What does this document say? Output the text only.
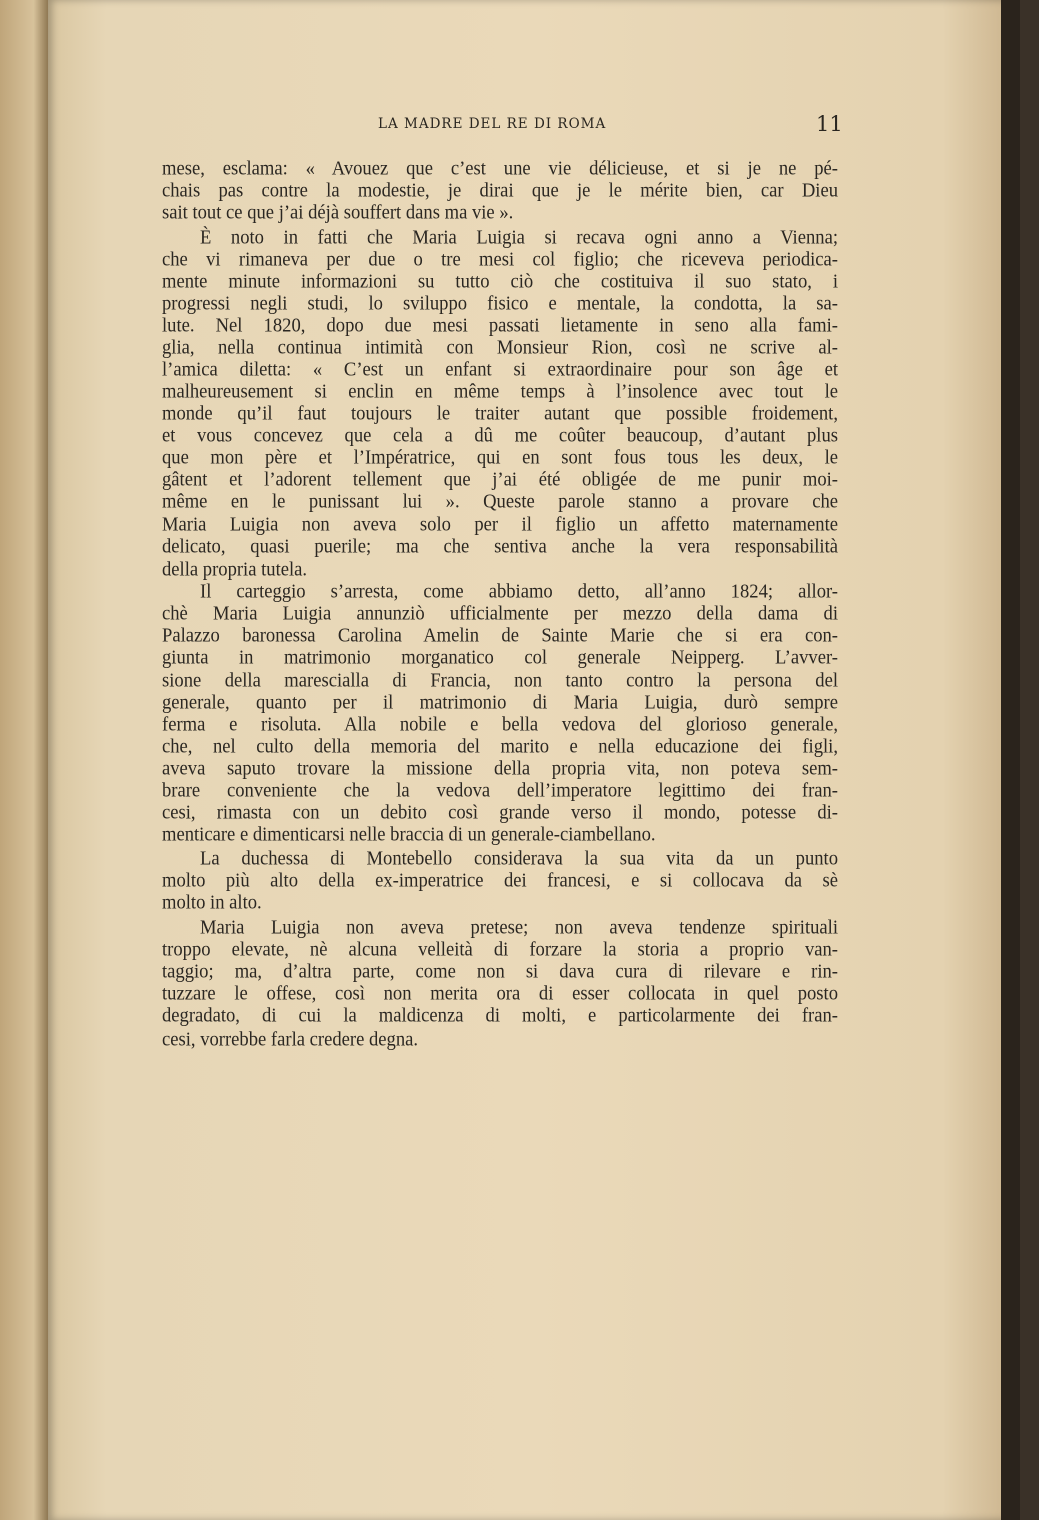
LA MADRE DEL RE DI ROMA	11
mese, esclama: « Avouez que c’est une vie délicieuse, et si je ne pé-
chais pas contre la modestie, je dirai que je le mérite bien, car Dieu
sait tout ce que j’ai déjà souffert dans ma vie ».
È noto in fatti che Maria Luigia si recava ogni anno a Vienna;
che vi rimaneva per due o tre mesi col figlio; che riceveva periodica-
mente minute informazioni su tutto ciò che costituiva il suo stato, i
progressi negli studi, lo sviluppo fisico e mentale, la condotta, la sa-
lute. Nel 1820, dopo due mesi passati lietamente in seno alla fami-
glia, nella continua intimità con Monsieur Rion, così ne scrive al-
l’amica diletta: « C’est un enfant si extraordinaire pour son âge et
malheureusement si enclin en même temps à l’insolence avec tout le
monde qu’il faut toujours le traiter autant que possible froidement,
et vous concevez que cela a dû me coûter beaucoup, d’autant plus
que mon père et l’Impératrice, qui en sont fous tous les deux, le
gâtent et l’adorent tellement que j’ai été obligée de me punir moi-
même en le punissant lui ». Queste parole stanno a provare che
Maria Luigia non aveva solo per il figlio un affetto maternamente
delicato, quasi puerile; ma che sentiva anche la vera responsabilità
della propria tutela.
Il carteggio s’arresta, come abbiamo detto, all’anno 1824; allor-
chè Maria Luigia annunziò ufficialmente per mezzo della dama di
Palazzo baronessa Carolina Amelin de Sainte Marie che si era con-
giunta in matrimonio morganatico col generale Neipperg. L’avver-
sione della marescialla di Francia, non tanto contro la persona del
generale, quanto per il matrimonio di Maria Luigia, durò sempre
ferma e risoluta. Alla nobile e bella vedova del glorioso generale,
che, nel culto della memoria del marito e nella educazione dei figli,
aveva saputo trovare la missione della propria vita, non poteva sem-
brare conveniente che la vedova dell’imperatore legittimo dei fran-
cesi, rimasta con un debito così grande verso il mondo, potesse di-
menticare e dimenticarsi nelle braccia di un generale-ciambellano.
La duchessa di Montebello considerava la sua vita da un punto
molto più alto della ex-imperatrice dei francesi, e si collocava da sè
molto in alto.
Maria Luigia non aveva pretese; non aveva tendenze spirituali
troppo elevate, nè alcuna velleità di forzare la storia a proprio van-
taggio; ma, d’altra parte, come non si dava cura di rilevare e rin-
tuzzare le offese, così non merita ora di esser collocata in quel posto
degradato, di cui la maldicenza di molti, e particolarmente dei fran-
cesi, vorrebbe farla credere degna.
